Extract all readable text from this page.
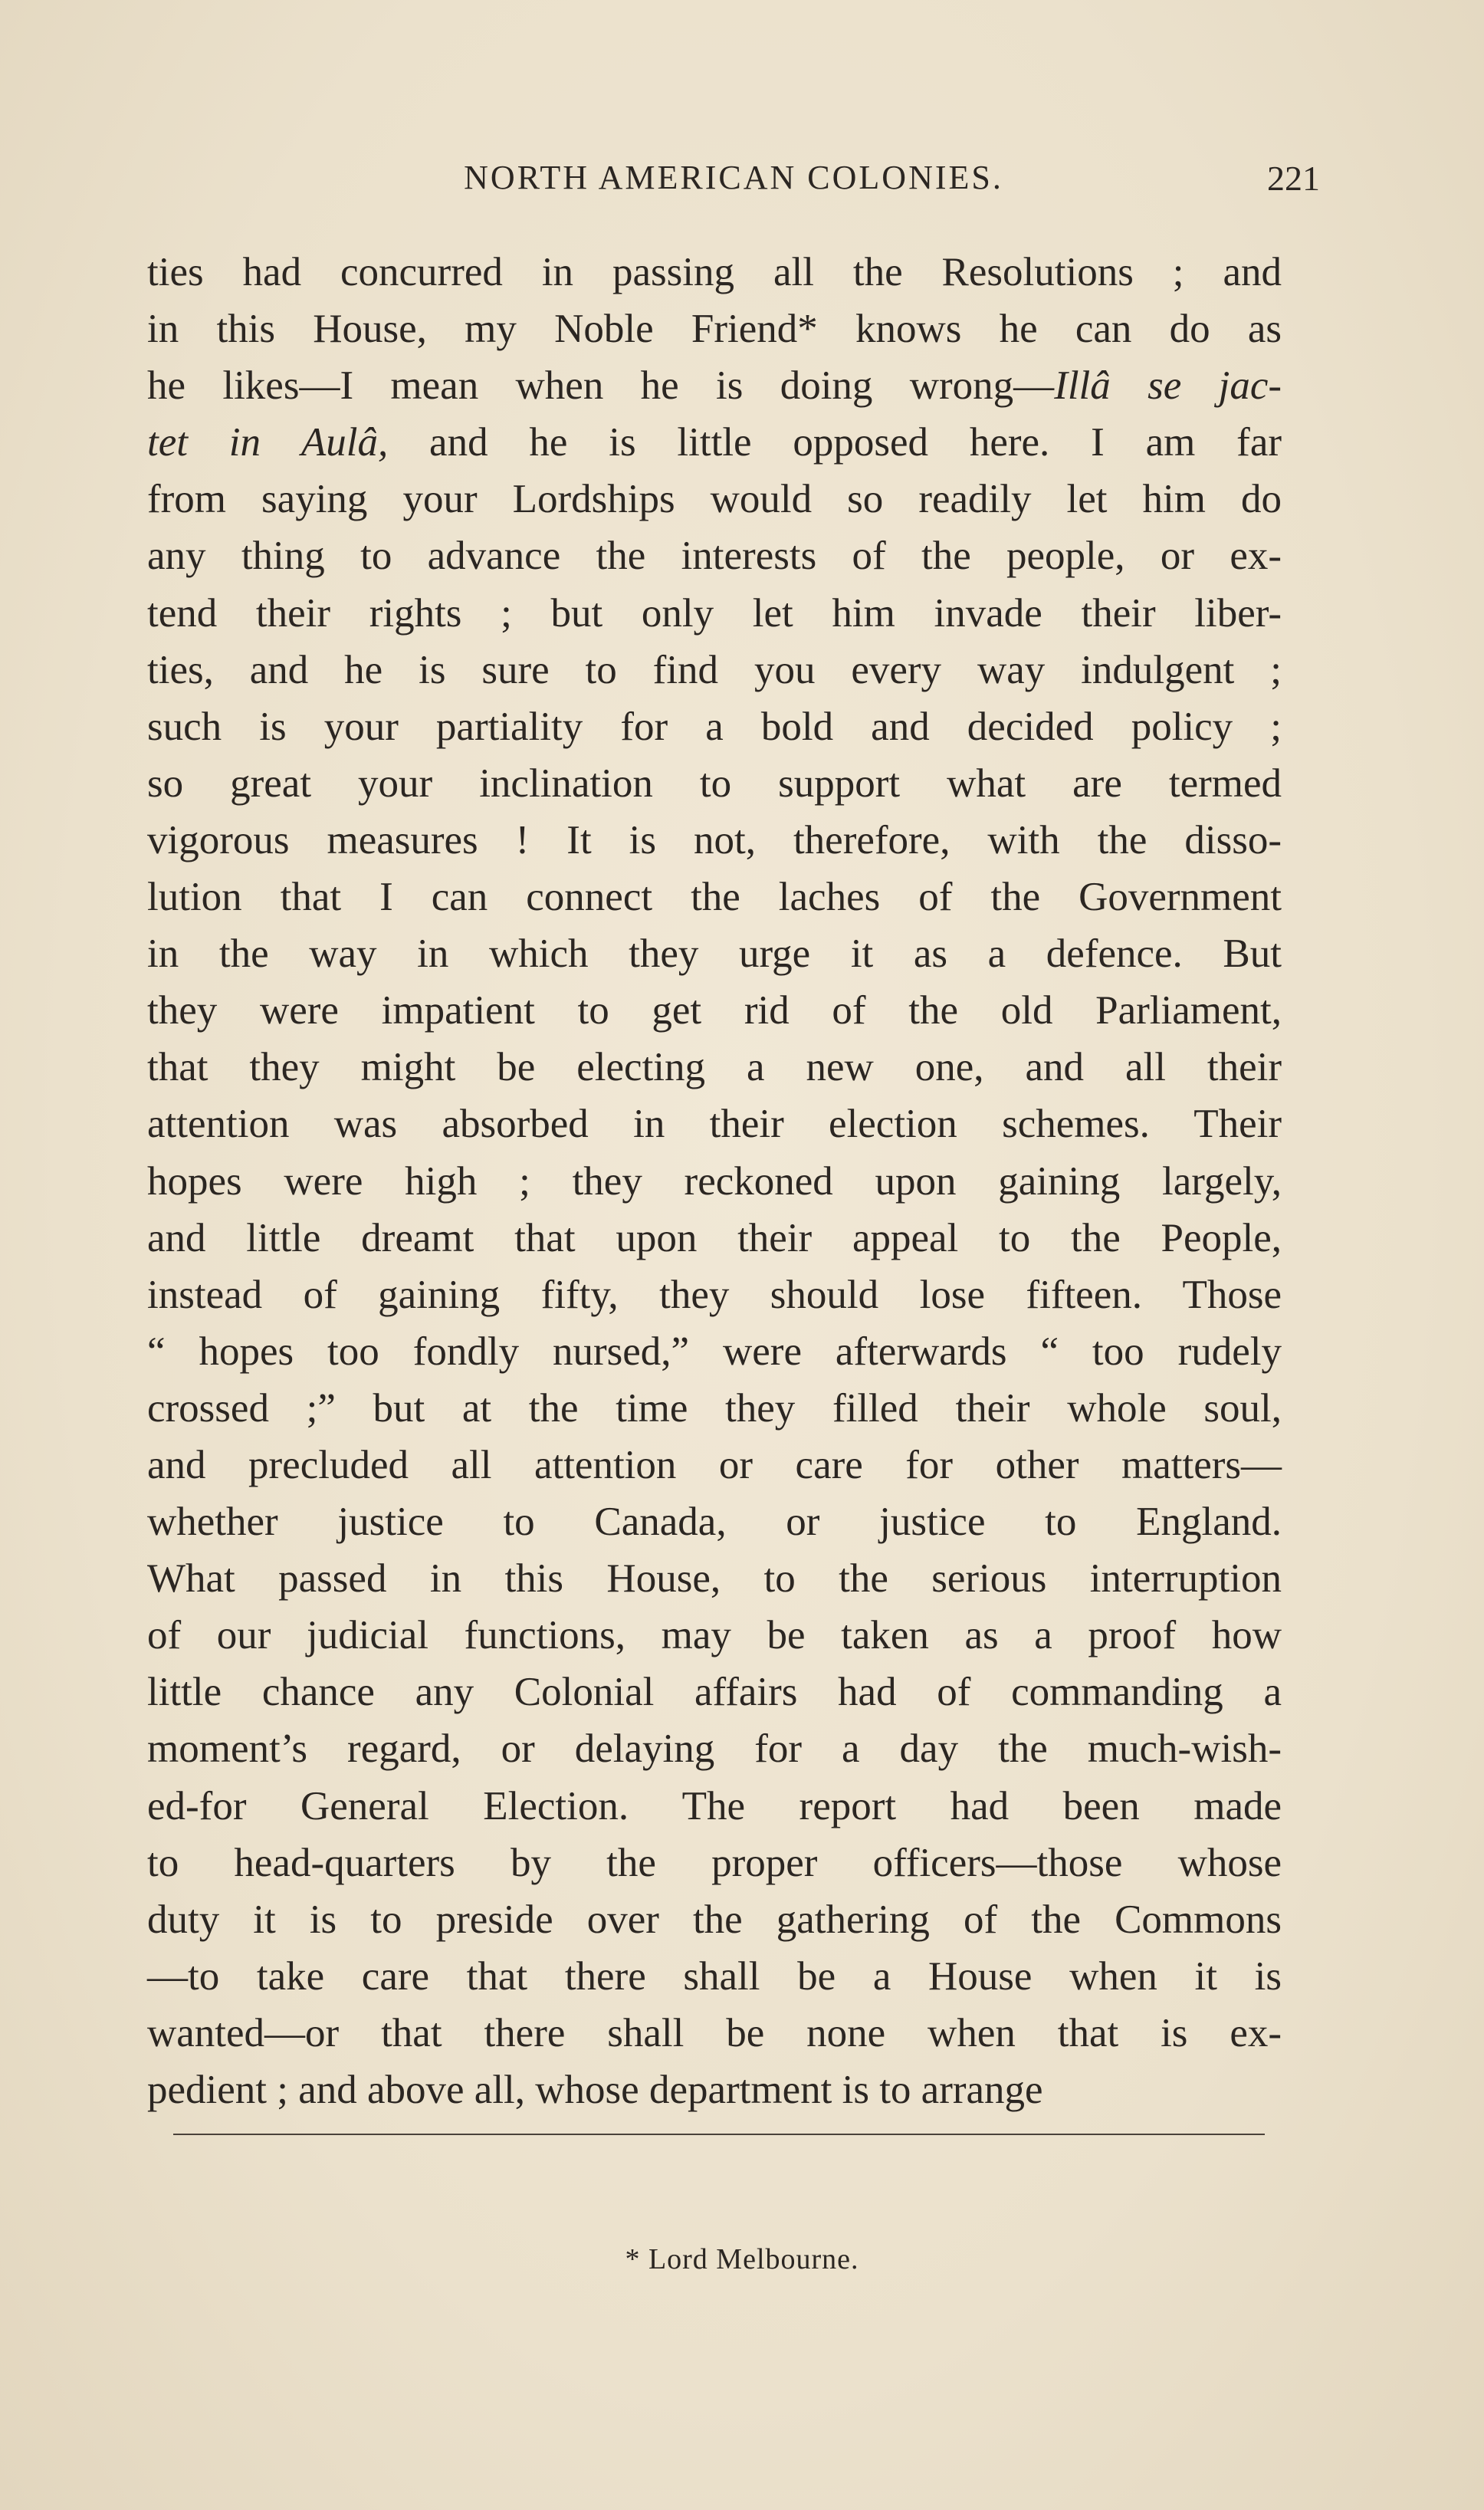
NORTH AMERICAN COLONIES.	221
ties had concurred in passing all the Resolutions ; and
in this House, my Noble Friend* knows he can do as
he likes—I mean when he is doing wrong—Illâ se jac-
tet in Aulâ, and he is little opposed here. I am far
from saying your Lordships would so readily let him do
any thing to advance the interests of the people, or ex-
tend their rights ; but only let him invade their liber-
ties, and he is sure to find you every way indulgent ;
such is your partiality for a bold and decided policy ;
so great your inclination to support what are termed
vigorous measures ! It is not, therefore, with the disso-
lution that I can connect the laches of the Government
in the way in which they urge it as a defence. But
they were impatient to get rid of the old Parliament,
that they might be electing a new one, and all their
attention was absorbed in their election schemes. Their
hopes were high ; they reckoned upon gaining largely,
and little dreamt that upon their appeal to the People,
instead of gaining fifty, they should lose fifteen. Those
“ hopes too fondly nursed,” were afterwards “ too rudely
crossed ;” but at the time they filled their whole soul,
and precluded all attention or care for other matters—
whether justice to Canada, or justice to England.
What passed in this House, to the serious interruption
of our judicial functions, may be taken as a proof how
little chance any Colonial affairs had of commanding a
moment’s regard, or delaying for a day the much-wish-
ed-for General Election. The report had been made
to head-quarters by the proper officers—those whose
duty it is to preside over the gathering of the Commons
—to take care that there shall be a House when it is
wanted—or that there shall be none when that is ex-
pedient ; and above all, whose department is to arrange
* Lord Melbourne.
